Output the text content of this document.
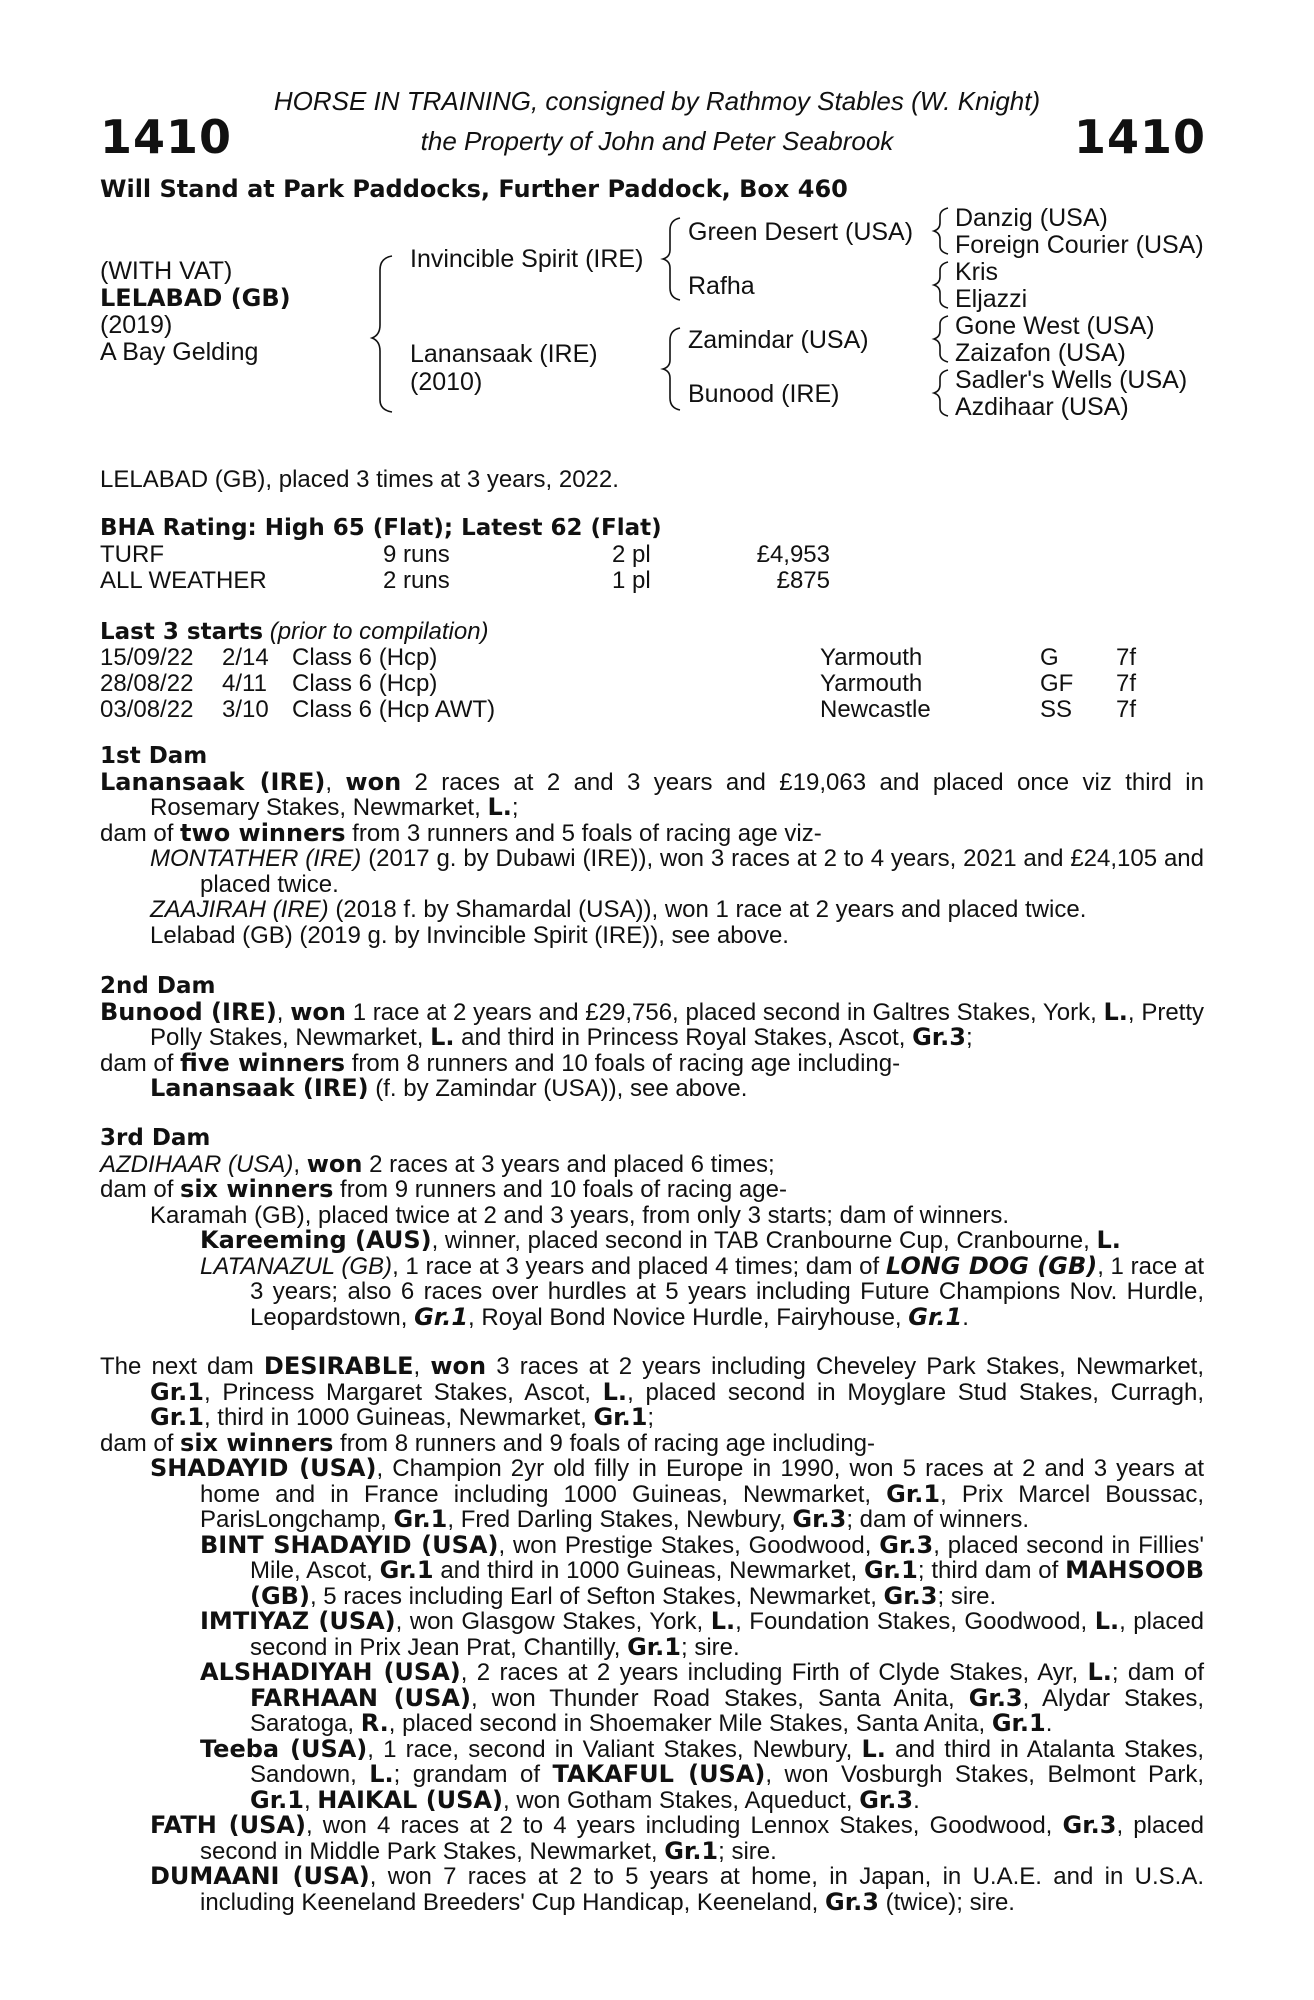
1410	1410
HORSE IN TRAINING, consigned by Rathmoy Stables (W. Knight)
the Property of John and Peter Seabrook
Will Stand at Park Paddocks, Further Paddock, Box 460
(WITH VAT)
LELABAD (GB)
(2019)
A Bay Gelding
Invincible Spirit (IRE)
Lanansaak (IRE)
(2010)
Green Desert (USA)
Rafha
Zamindar (USA)
Bunood (IRE)
Danzig (USA)
Foreign Courier (USA)
Kris
Eljazzi
Gone West (USA)
Zaizafon (USA)
Sadler's Wells (USA)
Azdihaar (USA)
LELABAD (GB), placed 3 times at 3 years, 2022.
BHA Rating: High 65 (Flat); Latest 62 (Flat)
TURF	9 runs	2 pl	£4,953
ALL WEATHER	2 runs	1 pl	£875
Last 3 starts (prior to compilation)
15/09/22 2/14 Class 6 (Hcp)	Yarmouth	G 7f
28/08/22 4/11 Class 6 (Hcp)	Yarmouth	GF 7f
03/08/22 3/10 Class 6 (Hcp AWT)	Newcastle	SS 7f

1st Dam

Lanansaak (IRE), won 2 races at 2 and 3 years and £19,063 and placed once viz third in Rosemary Stakes, Newmarket, L.;

dam of two winners from 3 runners and 5 foals of racing age viz-

MONTATHER (IRE) (2017 g. by Dubawi (IRE)), won 3 races at 2 to 4 years, 2021 and £24,105 and placed twice.

ZAAJIRAH (IRE) (2018 f. by Shamardal (USA)), won 1 race at 2 years and placed twice.

Lelabad (GB) (2019 g. by Invincible Spirit (IRE)), see above.

2nd Dam

Bunood (IRE), won 1 race at 2 years and £29,756, placed second in Galtres Stakes, York, L., Pretty Polly Stakes, Newmarket, L. and third in Princess Royal Stakes, Ascot, Gr.3;

dam of five winners from 8 runners and 10 foals of racing age including-

Lanansaak (IRE) (f. by Zamindar (USA)), see above.

3rd Dam

AZDIHAAR (USA), won 2 races at 3 years and placed 6 times;

dam of six winners from 9 runners and 10 foals of racing age-

Karamah (GB), placed twice at 2 and 3 years, from only 3 starts; dam of winners.

Kareeming (AUS), winner, placed second in TAB Cranbourne Cup, Cranbourne, L.

LATANAZUL (GB), 1 race at 3 years and placed 4 times; dam of LONG DOG (GB), 1 race at 3 years; also 6 races over hurdles at 5 years including Future Champions Nov. Hurdle, Leopardstown, Gr.1, Royal Bond Novice Hurdle, Fairyhouse, Gr.1.

The next dam DESIRABLE, won 3 races at 2 years including Cheveley Park Stakes, Newmarket, Gr.1, Princess Margaret Stakes, Ascot, L., placed second in Moyglare Stud Stakes, Curragh, Gr.1, third in 1000 Guineas, Newmarket, Gr.1;

dam of six winners from 8 runners and 9 foals of racing age including-

SHADAYID (USA), Champion 2yr old filly in Europe in 1990, won 5 races at 2 and 3 years at home and in France including 1000 Guineas, Newmarket, Gr.1, Prix Marcel Boussac, ParisLongchamp, Gr.1, Fred Darling Stakes, Newbury, Gr.3; dam of winners.

BINT SHADAYID (USA), won Prestige Stakes, Goodwood, Gr.3, placed second in Fillies' Mile, Ascot, Gr.1 and third in 1000 Guineas, Newmarket, Gr.1; third dam of MAHSOOB (GB), 5 races including Earl of Sefton Stakes, Newmarket, Gr.3; sire.

IMTIYAZ (USA), won Glasgow Stakes, York, L., Foundation Stakes, Goodwood, L., placed second in Prix Jean Prat, Chantilly, Gr.1; sire.

ALSHADIYAH (USA), 2 races at 2 years including Firth of Clyde Stakes, Ayr, L.; dam of FARHAAN (USA), won Thunder Road Stakes, Santa Anita, Gr.3, Alydar Stakes, Saratoga, R., placed second in Shoemaker Mile Stakes, Santa Anita, Gr.1.

Teeba (USA), 1 race, second in Valiant Stakes, Newbury, L. and third in Atalanta Stakes, Sandown, L.; grandam of TAKAFUL (USA), won Vosburgh Stakes, Belmont Park, Gr.1, HAIKAL (USA), won Gotham Stakes, Aqueduct, Gr.3.

FATH (USA), won 4 races at 2 to 4 years including Lennox Stakes, Goodwood, Gr.3, placed second in Middle Park Stakes, Newmarket, Gr.1; sire.

DUMAANI (USA), won 7 races at 2 to 5 years at home, in Japan, in U.A.E. and in U.S.A. including Keeneland Breeders' Cup Handicap, Keeneland, Gr.3 (twice); sire.
